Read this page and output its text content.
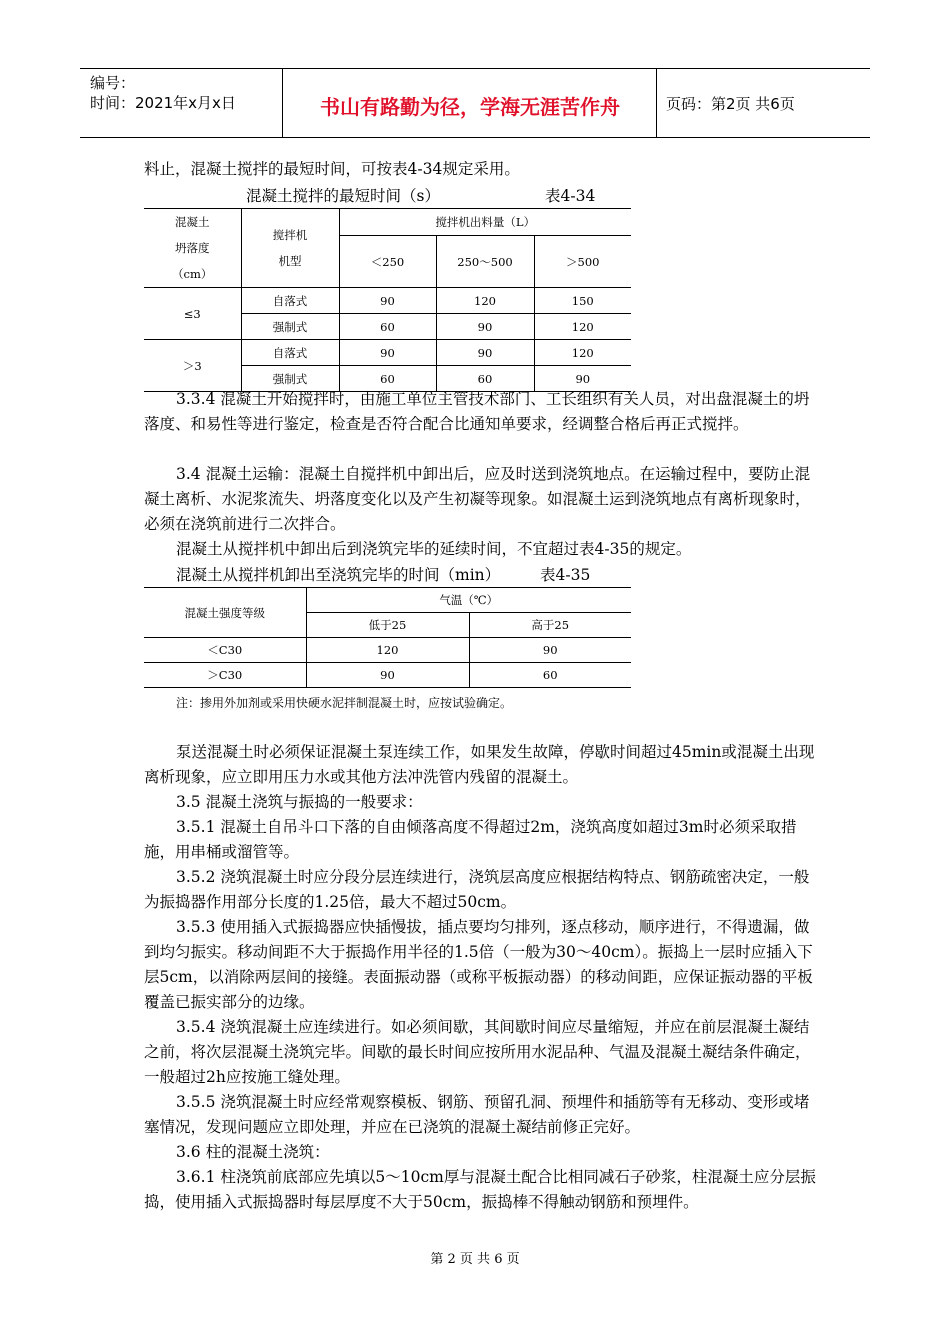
编号：
时间：2021年x月x日	书山有路勤为径，学海无涯苦作舟	页码：第2页 共6页
料止，混凝土搅拌的最短时间，可按表4-34规定采用。
混凝土搅拌的最短时间（s）	表4-34
混凝土坍落度（cm）	搅拌机机型	搅拌机出料量（L）		
		＜250	250～500	＞500
≤3	自落式	90	120	150
	强制式	60	90	120
＞3	自落式	90	90	120
	强制式	60	60	90
3.3.4 混凝土开始搅拌时，由施工单位主管技术部门、工长组织有关人员，对出盘混凝土的坍落度、和易性等进行鉴定，检查是否符合配合比通知单要求，经调整合格后再正式搅拌。
3.4 混凝土运输：混凝土自搅拌机中卸出后，应及时送到浇筑地点。在运输过程中，要防止混凝土离析、水泥浆流失、坍落度变化以及产生初凝等现象。如混凝土运到浇筑地点有离析现象时，必须在浇筑前进行二次拌合。
混凝土从搅拌机中卸出后到浇筑完毕的延续时间，不宜超过表4-35的规定。
混凝土从搅拌机卸出至浇筑完毕的时间（min）	表4-35
混凝土强度等级	气温（℃）	
	低于25	高于25
＜C30	120	90
＞C30	90	60
注：掺用外加剂或采用快硬水泥拌制混凝土时，应按试验确定。
泵送混凝土时必须保证混凝土泵连续工作，如果发生故障，停歇时间超过45min或混凝土出现离析现象，应立即用压力水或其他方法冲洗管内残留的混凝土。
3.5 混凝土浇筑与振捣的一般要求：
3.5.1 混凝土自吊斗口下落的自由倾落高度不得超过2m，浇筑高度如超过3m时必须采取措施，用串桶或溜管等。
3.5.2 浇筑混凝土时应分段分层连续进行，浇筑层高度应根据结构特点、钢筋疏密决定，一般为振捣器作用部分长度的1.25倍，最大不超过50cm。
3.5.3 使用插入式振捣器应快插慢拔，插点要均匀排列，逐点移动，顺序进行，不得遗漏，做到均匀振实。移动间距不大于振捣作用半径的1.5倍（一般为30～40cm）。振捣上一层时应插入下层5cm，以消除两层间的接缝。表面振动器（或称平板振动器）的移动间距，应保证振动器的平板覆盖已振实部分的边缘。
3.5.4 浇筑混凝土应连续进行。如必须间歇，其间歇时间应尽量缩短，并应在前层混凝土凝结之前，将次层混凝土浇筑完毕。间歇的最长时间应按所用水泥品种、气温及混凝土凝结条件确定，一般超过2h应按施工缝处理。
3.5.5 浇筑混凝土时应经常观察模板、钢筋、预留孔洞、预埋件和插筋等有无移动、变形或堵塞情况，发现问题应立即处理，并应在已浇筑的混凝土凝结前修正完好。
3.6 柱的混凝土浇筑：
3.6.1 柱浇筑前底部应先填以5～10cm厚与混凝土配合比相同减石子砂浆，柱混凝土应分层振捣，使用插入式振捣器时每层厚度不大于50cm，振捣棒不得触动钢筋和预埋件。
第 2 页 共 6 页
